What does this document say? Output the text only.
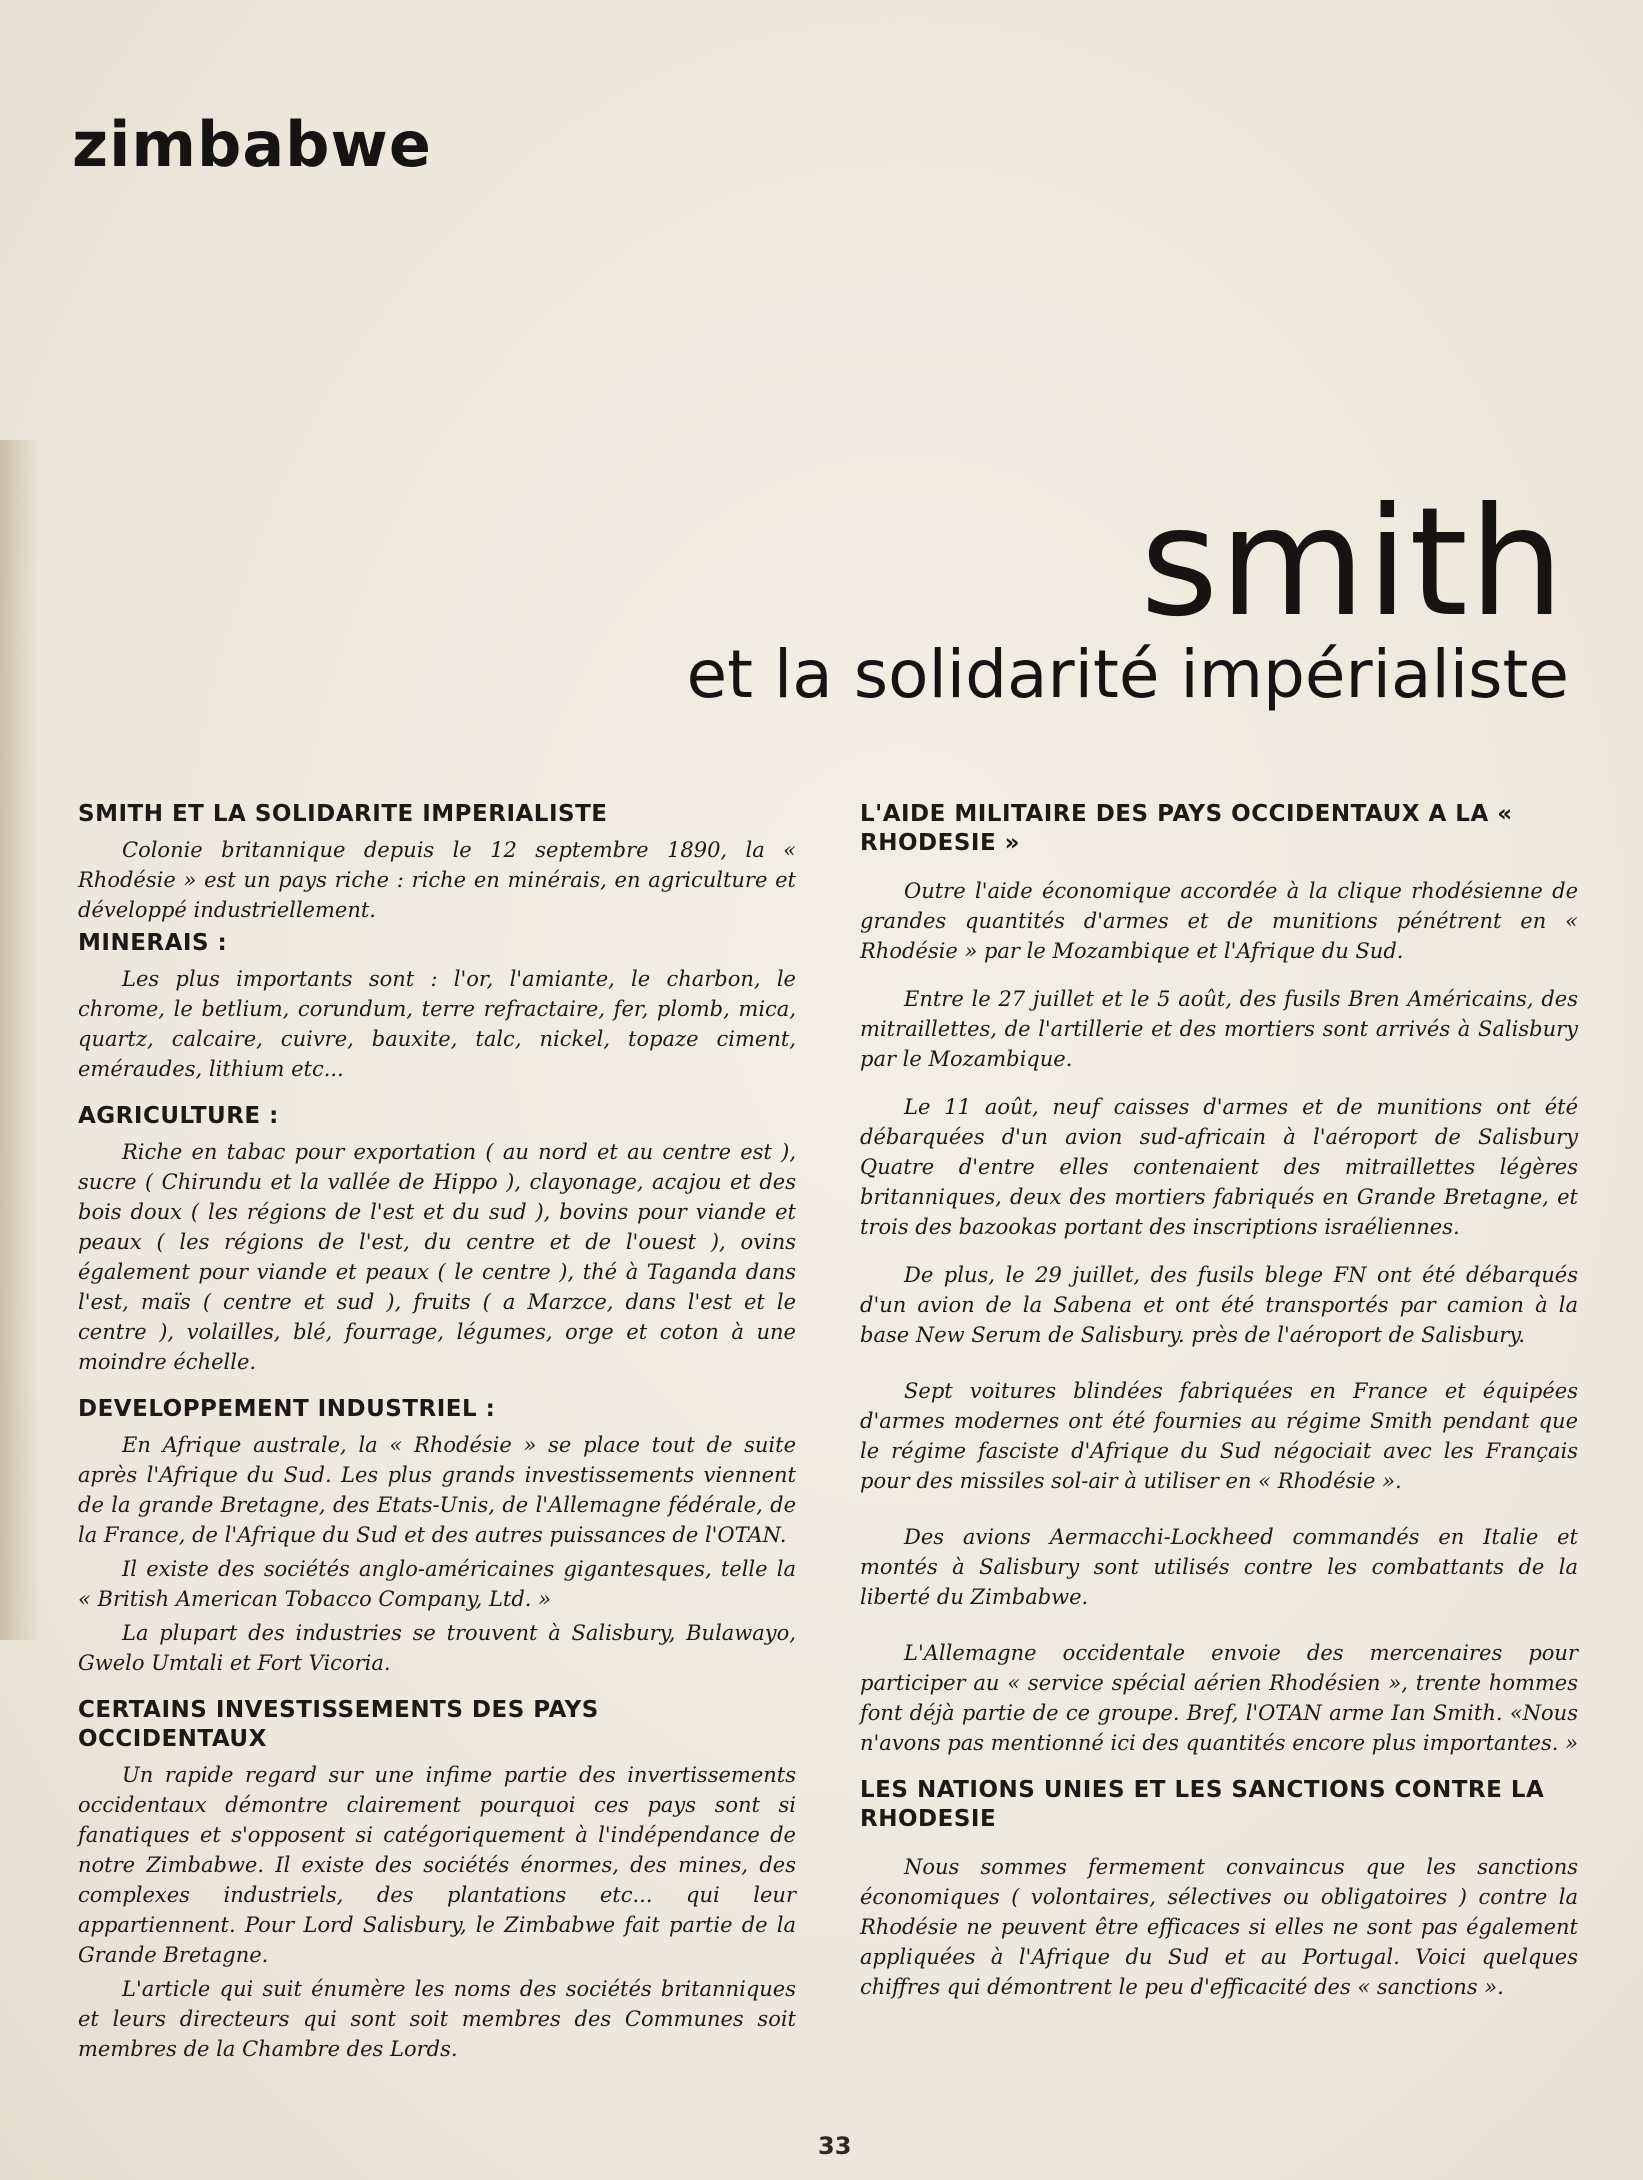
zimbabwe
smith
et la solidarité impérialiste
SMITH ET LA SOLIDARITE IMPERIALISTE

Colonie britannique depuis le 12 septembre 1890, la « Rhodésie » est un pays riche : riche en minérais, en agriculture et développé industriellement.

MINERAIS :

Les plus importants sont : l'or, l'amiante, le charbon, le chrome, le betlium, corundum, terre refractaire, fer, plomb, mica, quartz, calcaire, cuivre, bauxite, talc, nickel, topaze ciment, eméraudes, lithium etc...

AGRICULTURE :

Riche en tabac pour exportation ( au nord et au centre est ), sucre ( Chirundu et la vallée de Hippo ), clayonage, acajou et des bois doux ( les régions de l'est et du sud ), bovins pour viande et peaux ( les régions de l'est, du centre et de l'ouest ), ovins également pour viande et peaux ( le centre ), thé à Taganda dans l'est, maïs ( centre et sud ), fruits ( a Marzce, dans l'est et le centre ), volailles, blé, fourrage, légumes, orge et coton à une moindre échelle.

DEVELOPPEMENT INDUSTRIEL :

En Afrique australe, la « Rhodésie » se place tout de suite après l'Afrique du Sud. Les plus grands investissements viennent de la grande Bretagne, des Etats-Unis, de l'Allemagne fédérale, de la France, de l'Afrique du Sud et des autres puissances de l'OTAN.

Il existe des sociétés anglo-américaines gigantesques, telle la « British American Tobacco Company, Ltd. »

La plupart des industries se trouvent à Salisbury, Bulawayo, Gwelo Umtali et Fort Vicoria.

CERTAINS INVESTISSEMENTS DES PAYS OCCIDENTAUX

Un rapide regard sur une infime partie des invertissements occidentaux démontre clairement pourquoi ces pays sont si fanatiques et s'opposent si catégoriquement à l'indépendance de notre Zimbabwe. Il existe des sociétés énormes, des mines, des complexes industriels, des plantations etc... qui leur appartiennent. Pour Lord Salisbury, le Zimbabwe fait partie de la Grande Bretagne.

L'article qui suit énumère les noms des sociétés britanniques et leurs directeurs qui sont soit membres des Communes soit membres de la Chambre des Lords.

L'AIDE MILITAIRE DES PAYS OCCIDENTAUX A LA « RHODESIE »

Outre l'aide économique accordée à la clique rhodésienne de grandes quantités d'armes et de munitions pénétrent en « Rhodésie » par le Mozambique et l'Afrique du Sud.

Entre le 27 juillet et le 5 août, des fusils Bren Américains, des mitraillettes, de l'artillerie et des mortiers sont arrivés à Salisbury par le Mozambique.

Le 11 août, neuf caisses d'armes et de munitions ont été débarquées d'un avion sud-africain à l'aéroport de Salisbury Quatre d'entre elles contenaient des mitraillettes légères britanniques, deux des mortiers fabriqués en Grande Bretagne, et trois des bazookas portant des inscriptions israéliennes.

De plus, le 29 juillet, des fusils blege FN ont été débarqués d'un avion de la Sabena et ont été transportés par camion à la base New Serum de Salisbury. près de l'aéroport de Salisbury.

Sept voitures blindées fabriquées en France et équipées d'armes modernes ont été fournies au régime Smith pendant que le régime fasciste d'Afrique du Sud négociait avec les Français pour des missiles sol-air à utiliser en « Rhodésie ».

Des avions Aermacchi-Lockheed commandés en Italie et montés à Salisbury sont utilisés contre les combattants de la liberté du Zimbabwe.

L'Allemagne occidentale envoie des mercenaires pour participer au « service spécial aérien Rhodésien », trente hommes font déjà partie de ce groupe. Bref, l'OTAN arme Ian Smith. «Nous n'avons pas mentionné ici des quantités encore plus importantes. »

LES NATIONS UNIES ET LES SANCTIONS CONTRE LA RHODESIE

Nous sommes fermement convaincus que les sanctions économiques ( volontaires, sélectives ou obligatoires ) contre la Rhodésie ne peuvent être efficaces si elles ne sont pas également appliquées à l'Afrique du Sud et au Portugal. Voici quelques chiffres qui démontrent le peu d'efficacité des « sanctions ».

33
